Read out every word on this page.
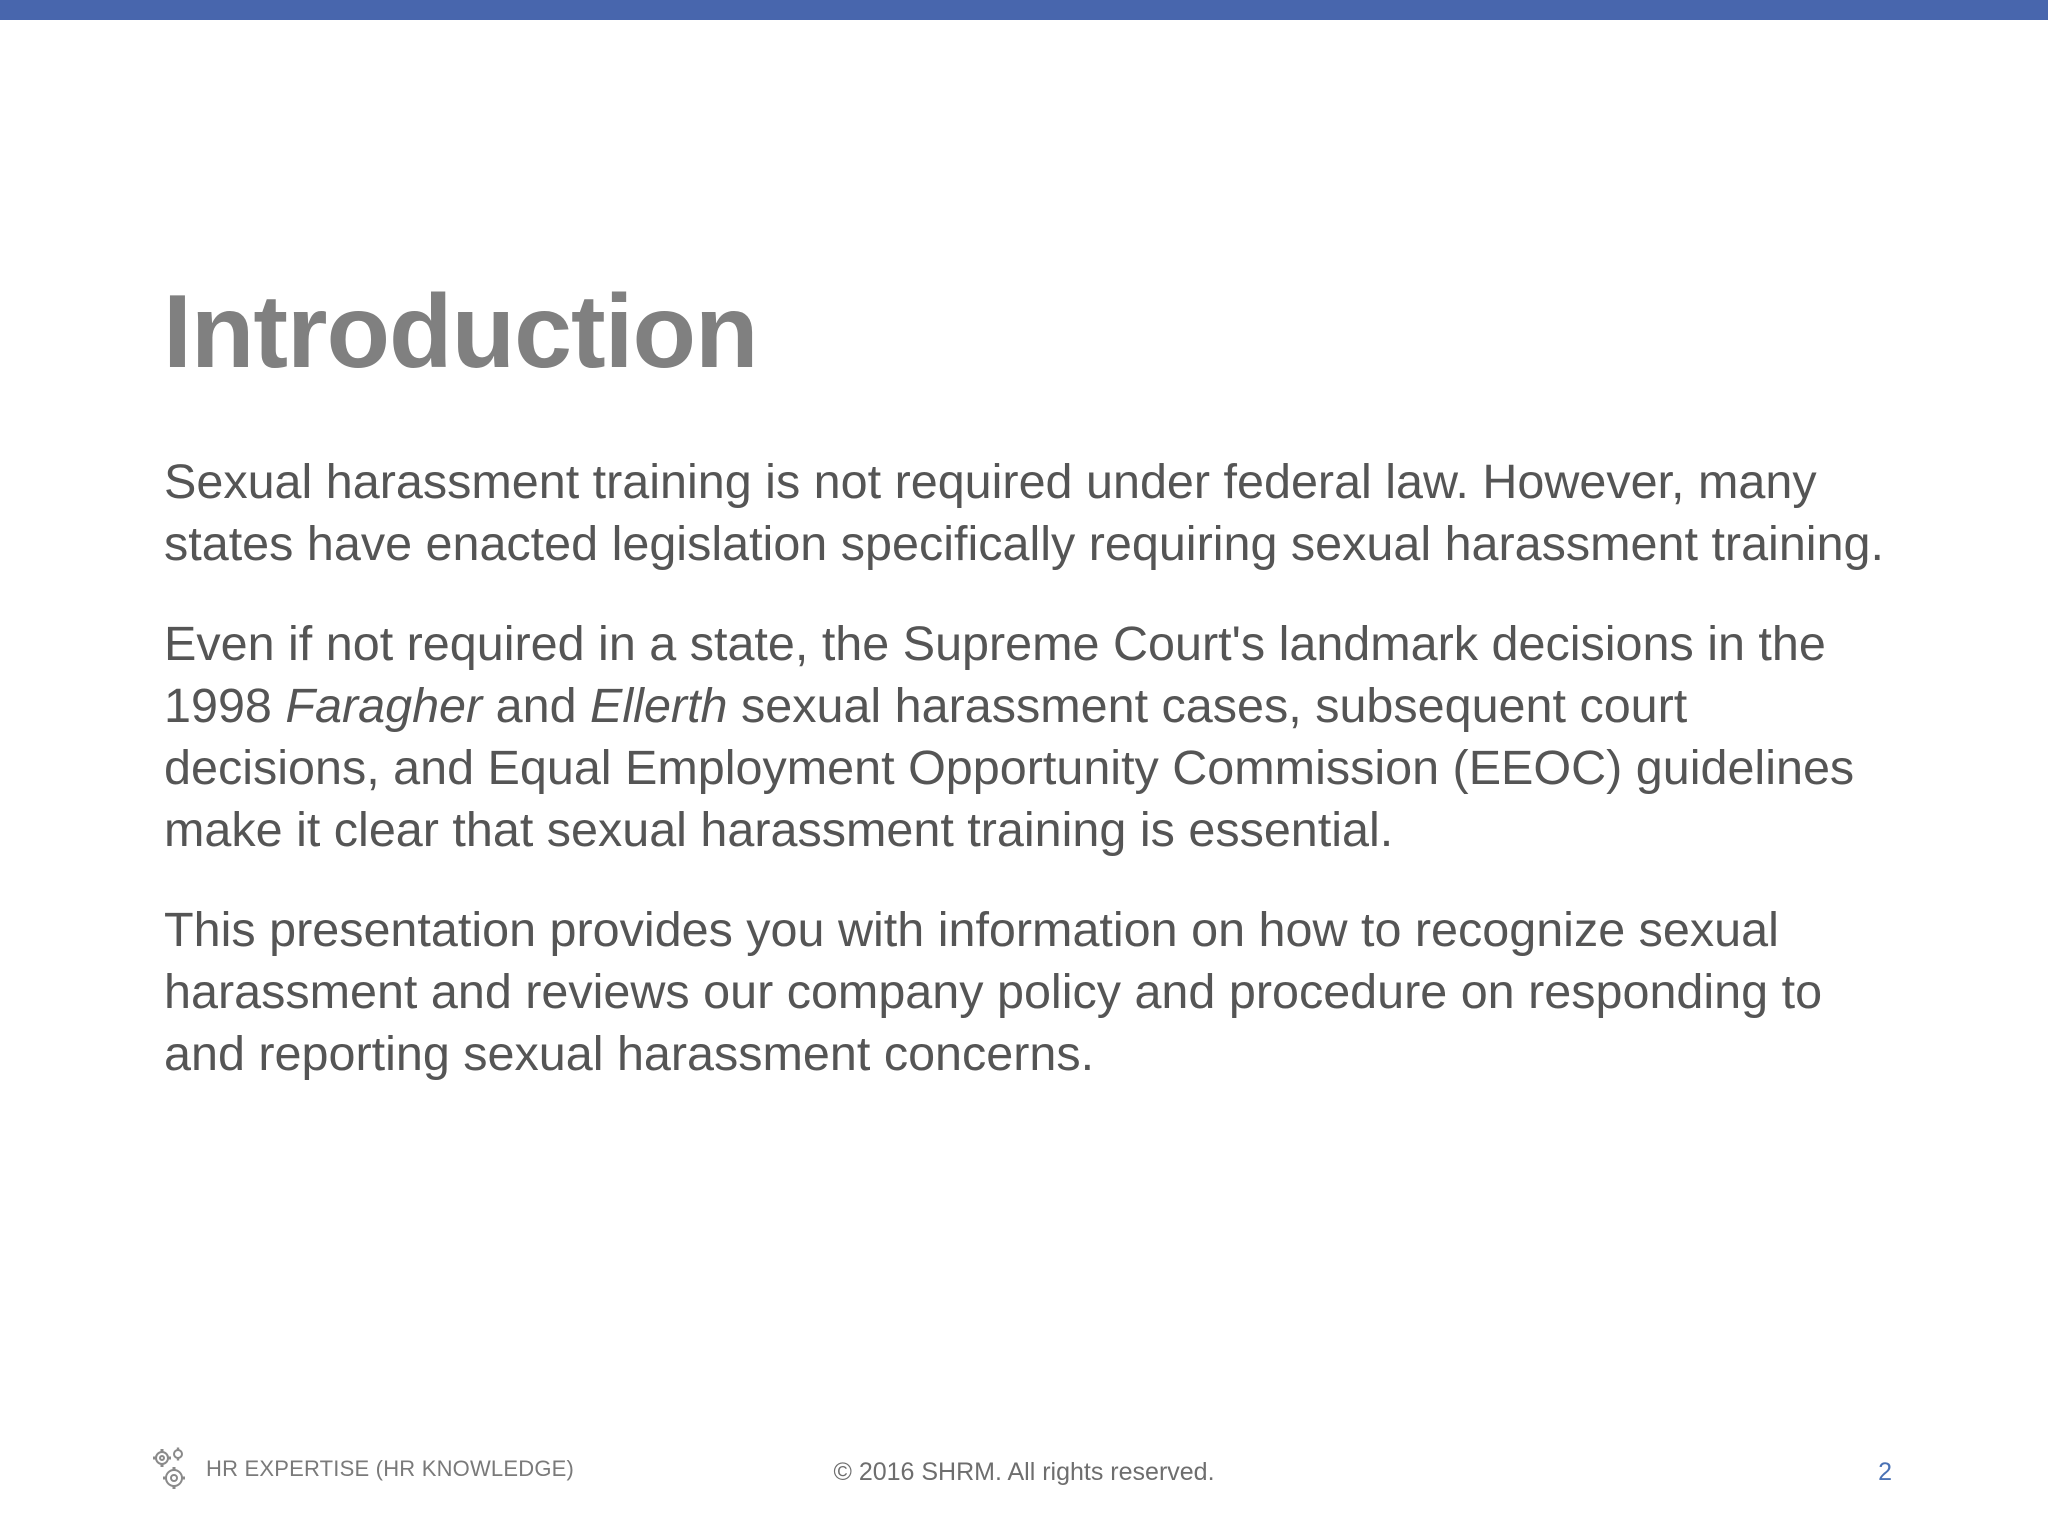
Introduction

Sexual harassment training is not required under federal law. However, many states have enacted legislation specifically requiring sexual harassment training.

Even if not required in a state, the Supreme Court's landmark decisions in the 1998 Faragher and Ellerth sexual harassment cases, subsequent court decisions, and Equal Employment Opportunity Commission (EEOC) guidelines make it clear that sexual harassment training is essential.

This presentation provides you with information on how to recognize sexual harassment and reviews our company policy and procedure on responding to and reporting sexual harassment concerns.

HR EXPERTISE (HR KNOWLEDGE)	© 2016 SHRM. All rights reserved.	2
